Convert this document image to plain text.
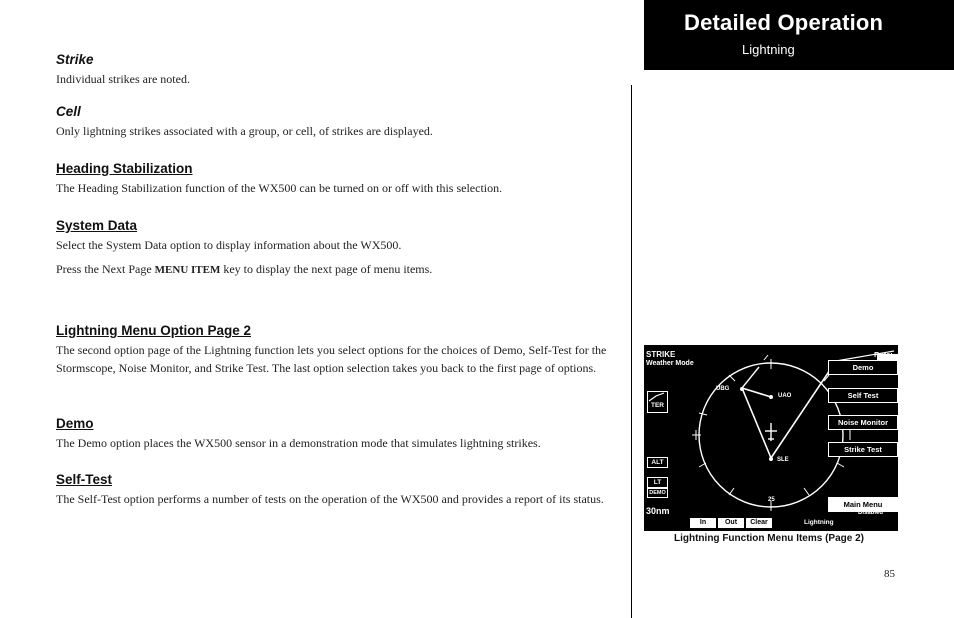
Detailed Operation
Lightning
Strike

Individual strikes are noted.

Cell

Only lightning strikes associated with a group, or cell, of strikes are displayed.

Heading Stabilization

The Heading Stabilization function of the WX500 can be turned on or off with this selection.

System Data

Select the System Data option to display information about the WX500.

Press the Next Page MENU ITEM key to display the next page of menu items.

Lightning Menu Option Page 2

The second option page of the Lightning function lets you select options for the choices of Demo, Self-Test for the Stormscope, Noise Monitor, and Strike Test. The last option selection takes you back to the first page of options.

Demo

The Demo option places the WX500 sensor in a demonstration mode that simulates lightning strikes.

Self-Test

The Self-Test option performs a number of tests on the operation of the WX500 and provides a report of its status.

STRIKE
Weather Mode
Rate:
UBG
UAO
SLE
25
Demo
Self Test
Noise Monitor
Strike Test
Main Menu
Disabled
TER
ALT
LT
DEMO
30nm
In	Out	Clear	Lightning
Lightning Function Menu Items (Page 2)
85
